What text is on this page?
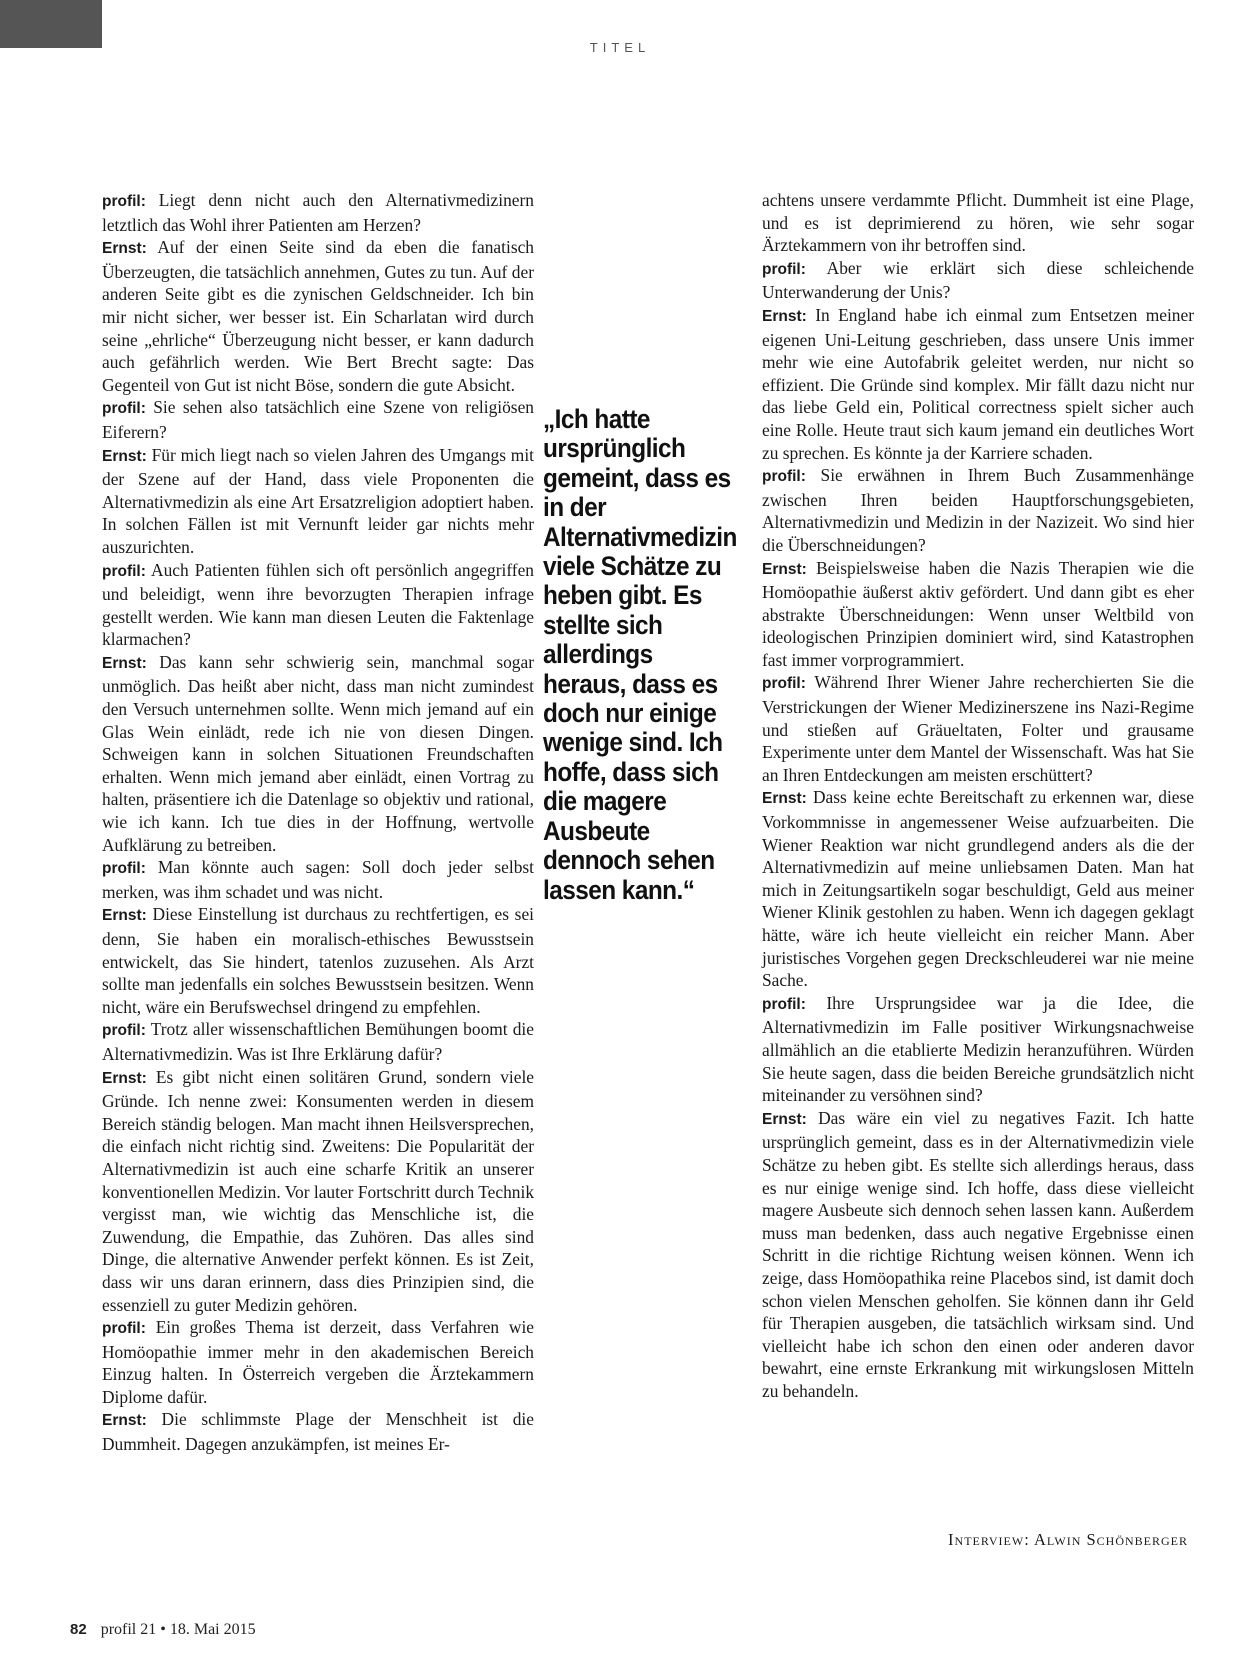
TITEL

profil: Liegt denn nicht auch den Alternativmedizinern letztlich das Wohl ihrer Patienten am Herzen?

Ernst: Auf der einen Seite sind da eben die fanatisch Überzeugten, die tatsächlich annehmen, Gutes zu tun. Auf der anderen Seite gibt es die zynischen Geldschneider. Ich bin mir nicht sicher, wer besser ist. Ein Scharlatan wird durch seine „ehrliche“ Überzeugung nicht besser, er kann dadurch auch gefährlich werden. Wie Bert Brecht sagte: Das Gegenteil von Gut ist nicht Böse, sondern die gute Absicht.

profil: Sie sehen also tatsächlich eine Szene von religiösen Eiferern?

Ernst: Für mich liegt nach so vielen Jahren des Umgangs mit der Szene auf der Hand, dass viele Proponenten die Alternativmedizin als eine Art Ersatzreligion adoptiert haben. In solchen Fällen ist mit Vernunft leider gar nichts mehr auszurichten.

profil: Auch Patienten fühlen sich oft persönlich angegriffen und beleidigt, wenn ihre bevorzugten Therapien infrage gestellt werden. Wie kann man diesen Leuten die Faktenlage klarmachen?

Ernst: Das kann sehr schwierig sein, manchmal sogar unmöglich. Das heißt aber nicht, dass man nicht zumindest den Versuch unternehmen sollte. Wenn mich jemand auf ein Glas Wein einlädt, rede ich nie von diesen Dingen. Schweigen kann in solchen Situationen Freundschaften erhalten. Wenn mich jemand aber einlädt, einen Vortrag zu halten, präsentiere ich die Datenlage so objektiv und rational, wie ich kann. Ich tue dies in der Hoffnung, wertvolle Aufklärung zu betreiben.

profil: Man könnte auch sagen: Soll doch jeder selbst merken, was ihm schadet und was nicht.

Ernst: Diese Einstellung ist durchaus zu rechtfertigen, es sei denn, Sie haben ein moralisch-ethisches Bewusstsein entwickelt, das Sie hindert, tatenlos zuzusehen. Als Arzt sollte man jedenfalls ein solches Bewusstsein besitzen. Wenn nicht, wäre ein Berufswechsel dringend zu empfehlen.

profil: Trotz aller wissenschaftlichen Bemühungen boomt die Alternativmedizin. Was ist Ihre Erklärung dafür?

Ernst: Es gibt nicht einen solitären Grund, sondern viele Gründe. Ich nenne zwei: Konsumenten werden in diesem Bereich ständig belogen. Man macht ihnen Heilsversprechen, die einfach nicht richtig sind. Zweitens: Die Popularität der Alternativmedizin ist auch eine scharfe Kritik an unserer konventionellen Medizin. Vor lauter Fortschritt durch Technik vergisst man, wie wichtig das Menschliche ist, die Zuwendung, die Empathie, das Zuhören. Das alles sind Dinge, die alternative Anwender perfekt können. Es ist Zeit, dass wir uns daran erinnern, dass dies Prinzipien sind, die essenziell zu guter Medizin gehören.

profil: Ein großes Thema ist derzeit, dass Verfahren wie Homöopathie immer mehr in den akademischen Bereich Einzug halten. In Österreich vergeben die Ärztekammern Diplome dafür.

Ernst: Die schlimmste Plage der Menschheit ist die Dummheit. Dagegen anzukämpfen, ist meines Er-

„Ich hatte ursprünglich gemeint, dass es in der Alternativmedizin viele Schätze zu heben gibt. Es stellte sich allerdings heraus, dass es doch nur einige wenige sind. Ich hoffe, dass sich die magere Ausbeute dennoch sehen lassen kann.“

achtens unsere verdammte Pflicht. Dummheit ist eine Plage, und es ist deprimierend zu hören, wie sehr sogar Ärztekammern von ihr betroffen sind.

profil: Aber wie erklärt sich diese schleichende Unterwanderung der Unis?

Ernst: In England habe ich einmal zum Entsetzen meiner eigenen Uni-Leitung geschrieben, dass unsere Unis immer mehr wie eine Autofabrik geleitet werden, nur nicht so effizient. Die Gründe sind komplex. Mir fällt dazu nicht nur das liebe Geld ein, Political correctness spielt sicher auch eine Rolle. Heute traut sich kaum jemand ein deutliches Wort zu sprechen. Es könnte ja der Karriere schaden.

profil: Sie erwähnen in Ihrem Buch Zusammenhänge zwischen Ihren beiden Hauptforschungsgebieten, Alternativmedizin und Medizin in der Nazizeit. Wo sind hier die Überschneidungen?

Ernst: Beispielsweise haben die Nazis Therapien wie die Homöopathie äußerst aktiv gefördert. Und dann gibt es eher abstrakte Überschneidungen: Wenn unser Weltbild von ideologischen Prinzipien dominiert wird, sind Katastrophen fast immer vorprogrammiert.

profil: Während Ihrer Wiener Jahre recherchierten Sie die Verstrickungen der Wiener Medizinerszene ins Nazi-Regime und stießen auf Gräueltaten, Folter und grausame Experimente unter dem Mantel der Wissenschaft. Was hat Sie an Ihren Entdeckungen am meisten erschüttert?

Ernst: Dass keine echte Bereitschaft zu erkennen war, diese Vorkommnisse in angemessener Weise aufzuarbeiten. Die Wiener Reaktion war nicht grundlegend anders als die der Alternativmedizin auf meine unliebsamen Daten. Man hat mich in Zeitungsartikeln sogar beschuldigt, Geld aus meiner Wiener Klinik gestohlen zu haben. Wenn ich dagegen geklagt hätte, wäre ich heute vielleicht ein reicher Mann. Aber juristisches Vorgehen gegen Dreckschleuderei war nie meine Sache.

profil: Ihre Ursprungsidee war ja die Idee, die Alternativmedizin im Falle positiver Wirkungsnachweise allmählich an die etablierte Medizin heranzuführen. Würden Sie heute sagen, dass die beiden Bereiche grundsätzlich nicht miteinander zu versöhnen sind?

Ernst: Das wäre ein viel zu negatives Fazit. Ich hatte ursprünglich gemeint, dass es in der Alternativmedizin viele Schätze zu heben gibt. Es stellte sich allerdings heraus, dass es nur einige wenige sind. Ich hoffe, dass diese vielleicht magere Ausbeute sich dennoch sehen lassen kann. Außerdem muss man bedenken, dass auch negative Ergebnisse einen Schritt in die richtige Richtung weisen können. Wenn ich zeige, dass Homöopathika reine Placebos sind, ist damit doch schon vielen Menschen geholfen. Sie können dann ihr Geld für Therapien ausgeben, die tatsächlich wirksam sind. Und vielleicht habe ich schon den einen oder anderen davor bewahrt, eine ernste Erkrankung mit wirkungslosen Mitteln zu behandeln.

Interview: Alwin Schönberger
82 profil 21 • 18. Mai 2015
